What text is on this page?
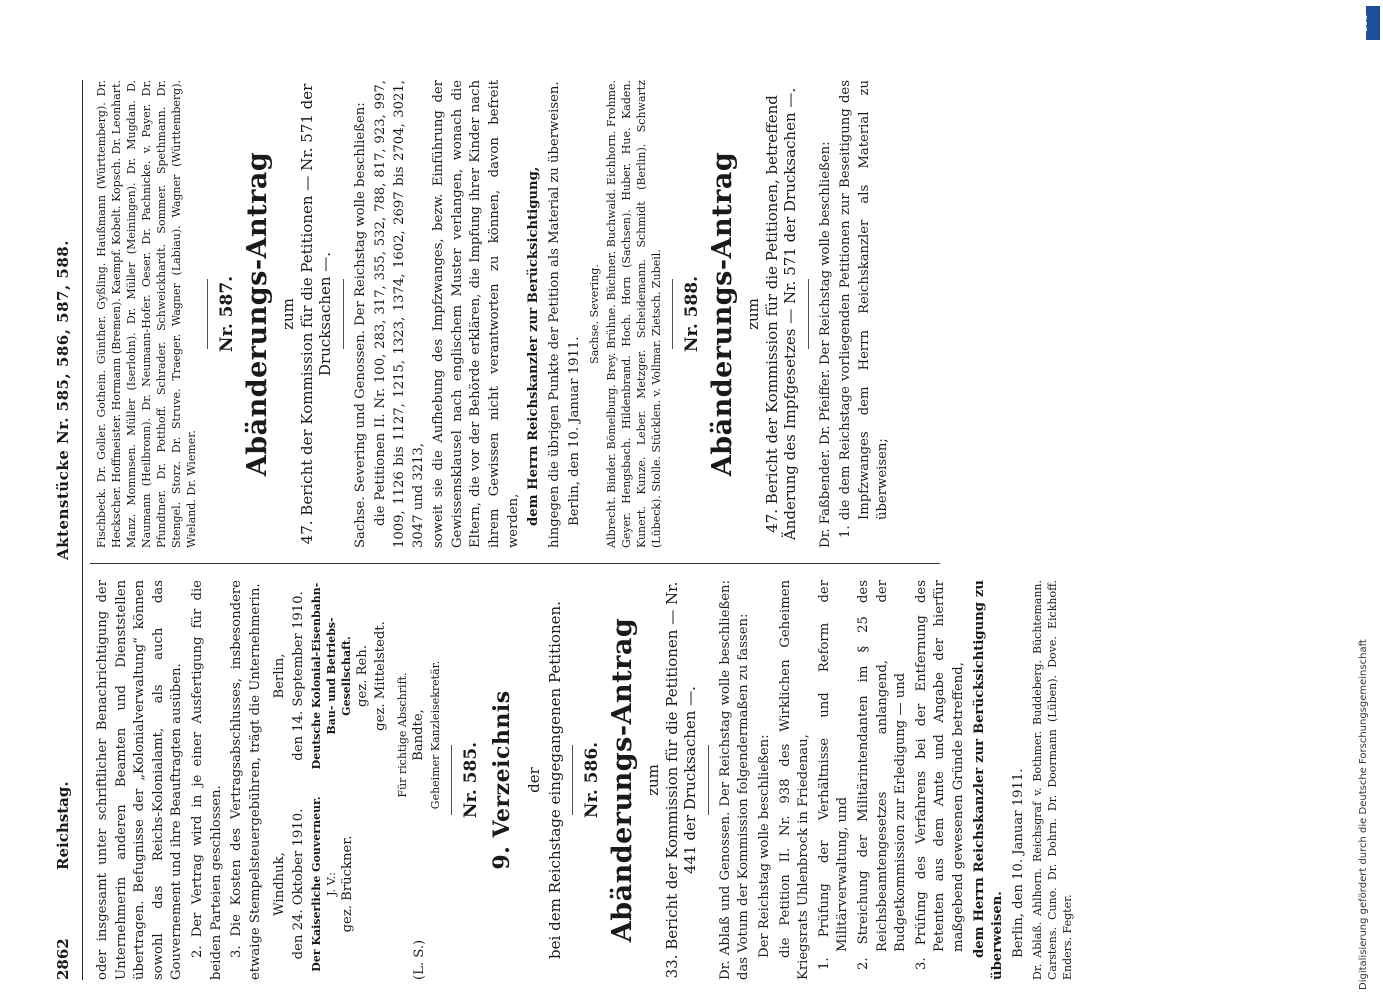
2862
Reichstag.
Aktenstücke Nr. 585, 586, 587, 588.

oder insgesamt unter schriftlicher Benachrichtigung der Unternehmerin anderen Beamten und Dienststellen übertragen. Befugnisse der „Kolonialverwaltung“ können sowohl das Reichs-Kolonialamt, als auch das Gouvernement und ihre Beauftragten ausüben. 2. Der Vertrag wird in je einer Ausfertigung für die beiden Parteien geschlossen. 3. Die Kosten des Vertragsabschlusses, insbesondere etwaige Stempelsteuergebühren, trägt die Unternehmerin. Windhuk, den 24. Oktober 1910. Der Kaiserliche Gouverneur. J. V.: gez. Brückner.
Berlin, den 14. September 1910. Deutsche Kolonial-Eisenbahn-Bau- und Betriebs-Gesellschaft. gez. Reh. gez. Mittelstedt.
(L. S.)
Für richtige Abschrift. Bandte, Geheimer Kanzleisekretär. Nr. 585. 9. Verzeichnis der bei dem Reichstage eingegangenen Petitionen. Nr. 586. Abänderungs-Antrag zum 33. Bericht der Kommission für die Petitionen — Nr. 441 der Drucksachen —. Dr. Ablaß und Genossen. Der Reichstag wolle beschließen: das Votum der Kommission folgendermaßen zu fassen: Der Reichstag wolle beschließen: die Petition II. Nr. 938 des Wirklichen Geheimen Kriegsrats Uhlenbrock in Friedenau, 1. Prüfung der Verhältnisse und Reform der Militärverwaltung, und 2. Streichung der Militärintendanten im § 25 des Reichsbeamtengesetzes anlangend, der Budgetkommission zur Erledigung — und 3. Prüfung des Verfahrens bei der Entfernung des Petenten aus dem Amte und Angabe der hierfür maßgebend gewesenen Gründe betreffend, dem Herrn Reichskanzler zur Berücksichtigung zu überweisen. Berlin, den 10. Januar 1911. Dr. Ablaß. Ahlhorn. Reichsgraf v. Bothmer. Buddeberg. Büchtemann. Carstens. Cuno. Dr. Dohrn. Dr. Doormann (Lüben). Dove. Eickhoff. Enders. Fegter.

Fischbeck. Dr. Goller. Gothein. Günther. Gyßling. Haußmann (Württemberg). Dr. Heckscher. Hoffmeister. Hormann (Bremen). Kaempf. Kobelt. Kopsch. Dr. Leonhart. Manz. Mommsen. Müller (Iserlohn). Dr. Müller (Meiningen). Dr. Mugdan. D. Naumann (Heilbronn). Dr. Neumann-Hofer. Oeser. Dr. Pachnicke. v. Payer. Dr. Pfundtner. Dr. Potthoff. Schrader. Schweickhardt. Sommer. Spethmann. Dr. Stengel. Storz. Dr. Struve. Traeger. Wagner (Labiau). Wagner (Württemberg). Wieland. Dr. Wiemer.

Nr. 587. Abänderungs-Antrag zum 47. Bericht der Kommission für die Petitionen — Nr. 571 der Drucksachen —. Sachse. Severing und Genossen. Der Reichstag wolle beschließen: die Petitionen II. Nr. 100, 283, 317, 355, 532, 788, 817, 923, 997, 1009, 1126 bis 1127, 1215, 1323, 1374, 1602, 2697 bis 2704, 3021, 3047 und 3213, soweit sie die Aufhebung des Impfzwanges, bezw. Einführung der Gewissensklausel nach englischem Muster verlangen, wonach die Eltern, die vor der Behörde erklären, die Impfung ihrer Kinder nach ihrem Gewissen nicht verantworten zu können, davon befreit werden, dem Herrn Reichskanzler zur Berücksichtigung, hingegen die übrigen Punkte der Petition als Material zu überweisen. Berlin, den 10. Januar 1911.

Sachse. Severing. Albrecht. Binder. Bömelburg. Brey. Brühne. Büchner. Buchwald. Eichhorn. Frohme. Geyer. Hengsbach. Hildenbrand. Hoch. Horn (Sachsen). Huber. Hue. Kaden. Kunert. Kunze. Leber. Metzger. Scheidemann. Schmidt (Berlin). Schwartz (Lübeck). Stolle. Stücklen. v. Vollmar. Zietsch. Zubeil. Nr. 588. Abänderungs-Antrag zum 47. Bericht der Kommission für die Petitionen, betreffend Änderung des Impfgesetzes — Nr. 571 der Drucksachen —. Dr. Faßbender. Dr. Pfeiffer. Der Reichstag wolle beschließen: 1. die dem Reichstage vorliegenden Petitionen zur Beseitigung des Impfzwanges dem Herrn Reichskanzler als Material zu überweisen;

Digitalisierung gefördert durch die Deutsche Forschungsgemeinschaft
DFG
